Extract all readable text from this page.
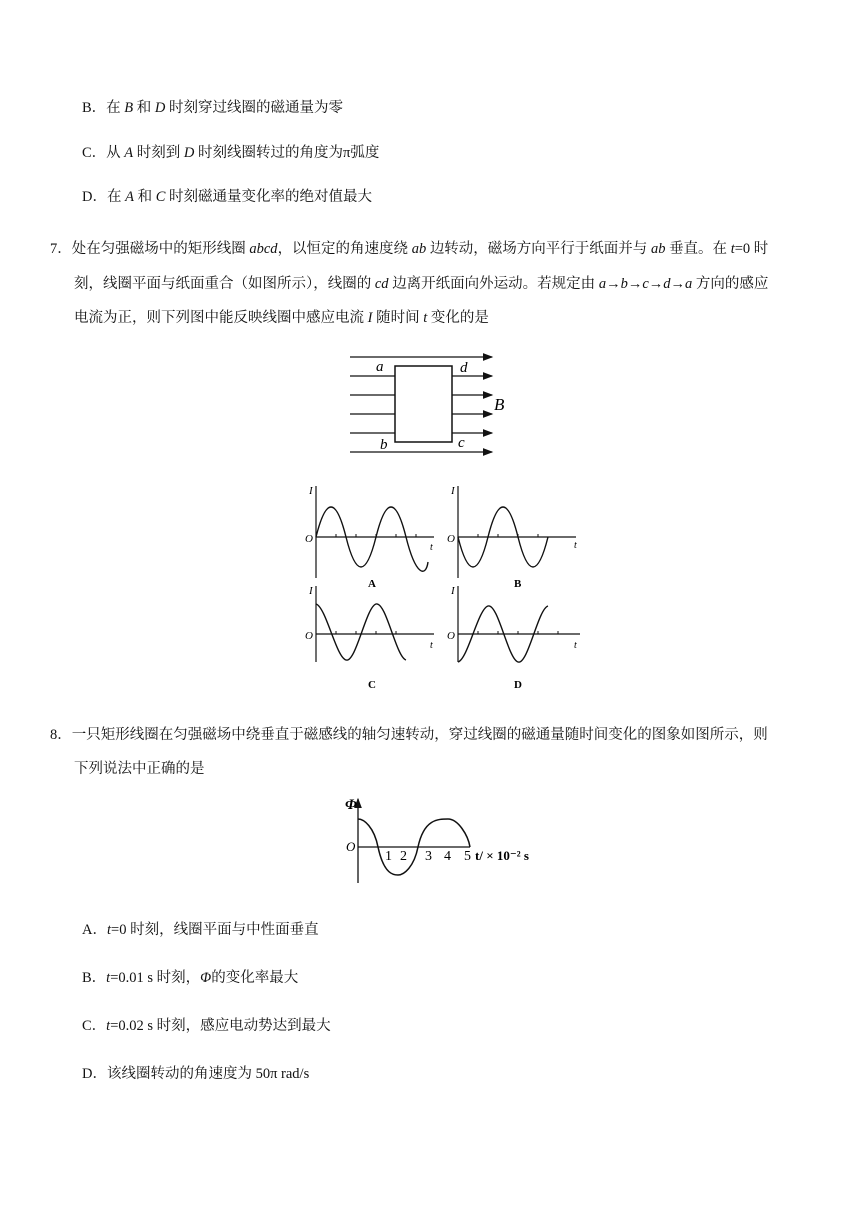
B．在 B 和 D 时刻穿过线圈的磁通量为零
C．从 A 时刻到 D 时刻线圈转过的角度为π弧度
D．在 A 和 C 时刻磁通量变化率的绝对值最大
7．处在匀强磁场中的矩形线圈 abcd，以恒定的角速度绕 ab 边转动，磁场方向平行于纸面并与 ab 垂直。在 t=0 时
刻，线圈平面与纸面重合（如图所示），线圈的 cd 边离开纸面向外运动。若规定由 a→b→c→d→a 方向的感应
电流为正，则下列图中能反映线圈中感应电流 I 随时间 t 变化的是
a	d
b	c
B
I
O
t
A
I
O
t
B
I
O
t
C
I
O
t
D
8．一只矩形线圈在匀强磁场中绕垂直于磁感线的轴匀速转动，穿过线圈的磁通量随时间变化的图象如图所示，则
下列说法中正确的是
Φ
O
1 2 3 4 5 t/ × 10⁻² s
A．t=0 时刻，线圈平面与中性面垂直
B．t=0.01 s 时刻，Φ的变化率最大
C．t=0.02 s 时刻，感应电动势达到最大
D．该线圈转动的角速度为 50π rad/s
